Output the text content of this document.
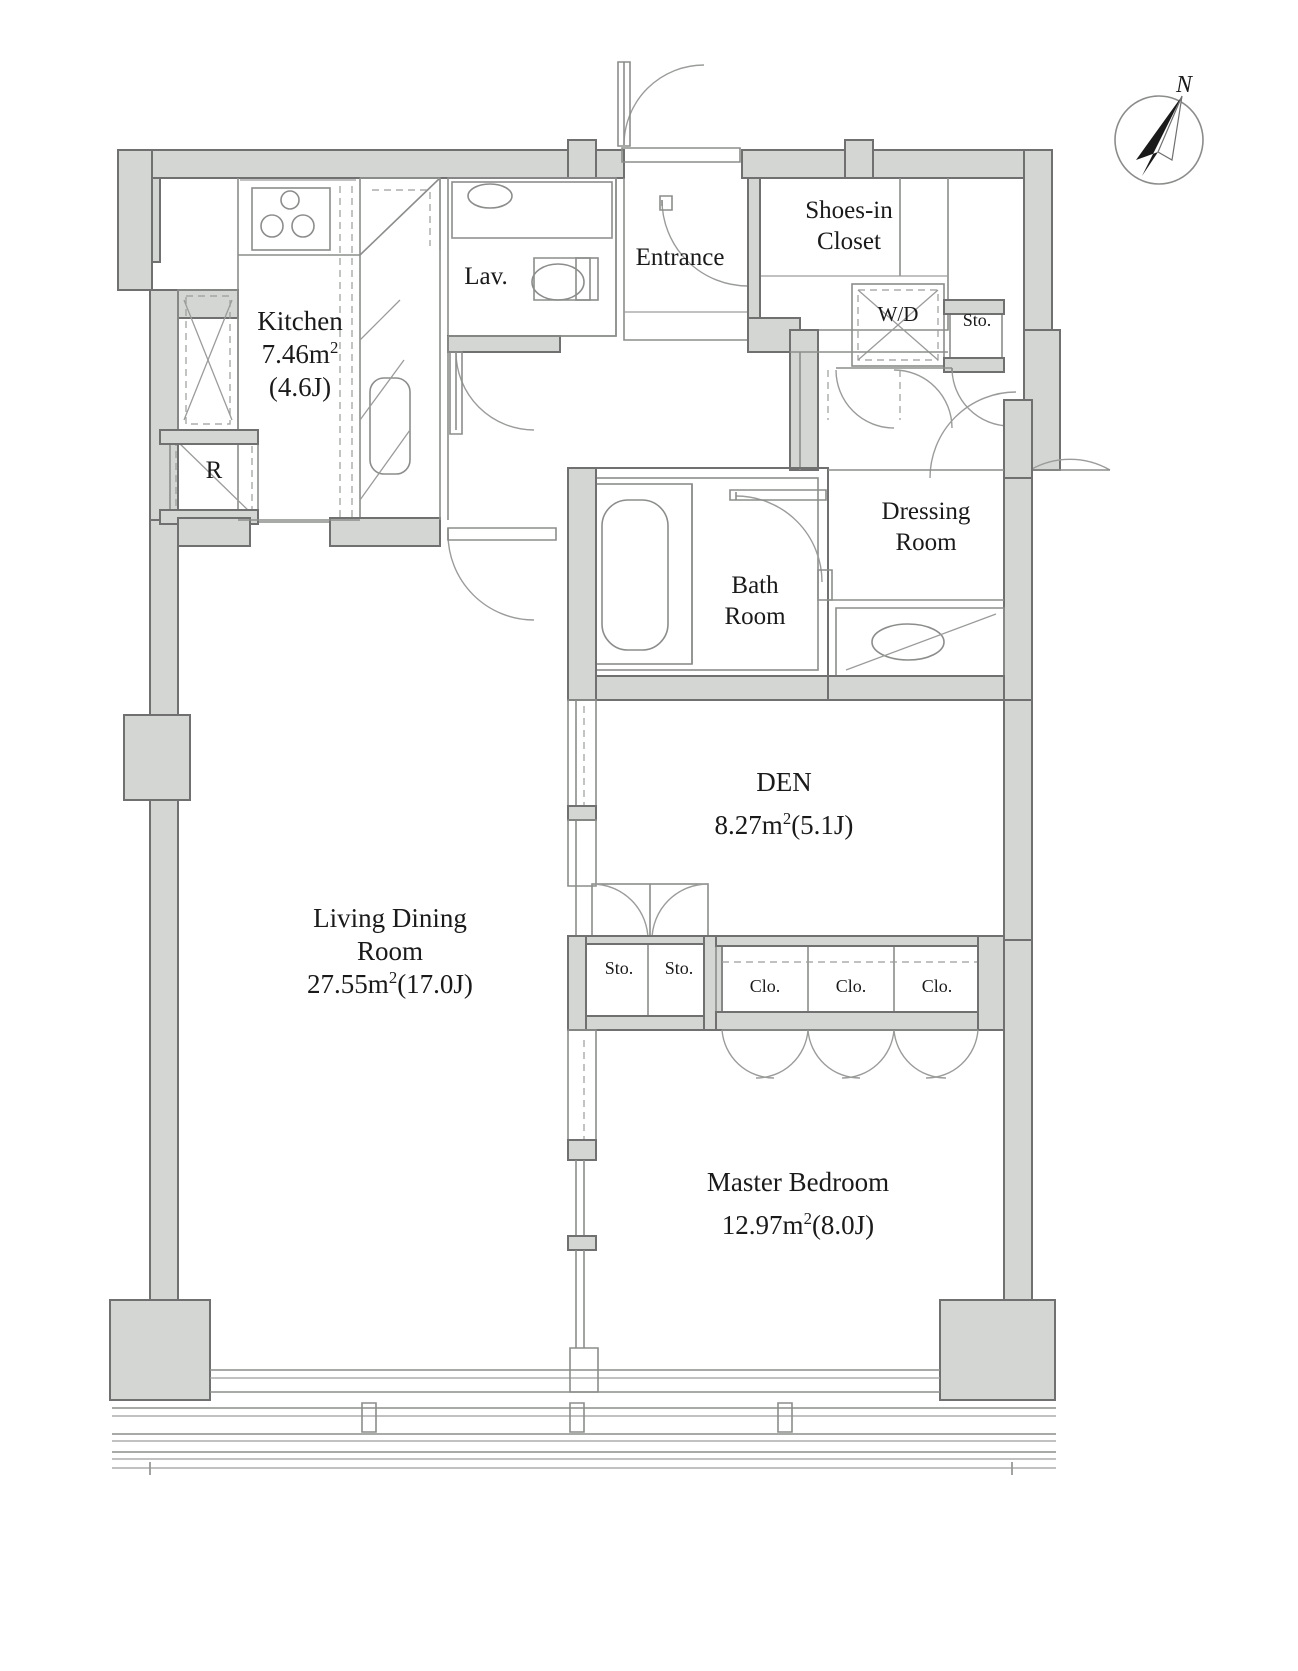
Kitchen
$7.46m^2$
(4.6J)
Lav.
Entrance
Shoes-in
Closet
W/D	Sto.
Dressing
Room
Bath
Room
R
Living Dining
Room
$27.55m^2(17.0J)$
DEN
$8.27m^2(5.1J)$
Sto.	Sto.
Clo.	Clo.	Clo.
Master Bedroom
$12.97m^2(8.0J)$
N
